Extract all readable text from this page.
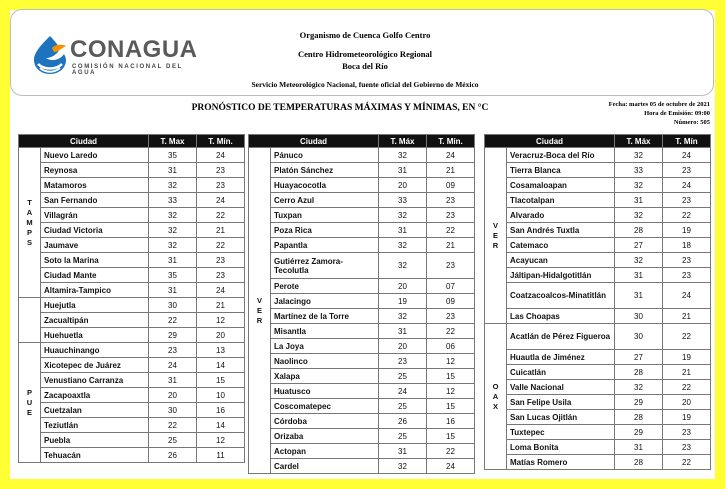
CONAGUA
COMISIÓN NACIONAL DEL AGUA
Organismo de Cuenca Golfo Centro
Centro Hidrometeorológico Regional
Boca del Río
Servicio Meteorológico Nacional, fuente oficial del Gobierno de México
PRONÓSTICO DE TEMPERATURAS MÁXIMAS Y MÍNIMAS, EN °C	Fecha: martes 05 de octubre de 2021
Hora de Emisión: 09:00
Número: 505
Ciudad		T. Max	T. Mín.
T
A
M
P
S	Nuevo Laredo	35	24
	Reynosa	31	23
	Matamoros	32	23
	San Fernando	33	24
	Villagrán	32	22
	Ciudad Victoria	32	21
	Jaumave	32	22
	Soto la Marina	31	23
	Ciudad Mante	35	23
	Altamira-Tampico	31	24
	Huejutla	30	21
	Zacualtipán	22	12
	Huehuetla	29	20
P
U
E	Huauchinango	23	13
	Xicotepec de Juárez	24	14
	Venustiano Carranza	31	15
	Zacapoaxtla	20	10
	Cuetzalan	30	16
	Teziutlán	22	14
	Puebla	25	12
	Tehuacán	26	11
Ciudad		T. Máx	T. Mín.
V
E
R	Pánuco	32	24
	Platón Sánchez	31	21
	Huayacocotla	20	09
	Cerro Azul	33	23
	Tuxpan	32	23
	Poza Rica	31	22
	Papantla	32	21
	Gutiérrez Zamora-Tecolutla	32	23
	Perote	20	07
	Jalacingo	19	09
	Martínez de la Torre	32	23
	Misantla	31	22
	La Joya	20	06
	Naolinco	23	12
	Xalapa	25	15
	Huatusco	24	12
	Coscomatepec	25	15
	Córdoba	26	16
	Orizaba	25	15
	Actopan	31	22
	Cardel	32	24
Ciudad		T. Máx	T. Mín
V
E
R	Veracruz-Boca del Río	32	24
	Tierra Blanca	33	23
	Cosamaloapan	32	24
	Tlacotalpan	31	23
	Alvarado	32	22
	San Andrés Tuxtla	28	19
	Catemaco	27	18
	Acayucan	32	23
	Jáltipan-Hidalgotitlán	31	23
	Coatzacoalcos-Minatitlán	31	24
	Las Choapas	30	21
O
A
X	Acatlán de Pérez Figueroa	30	22
	Huautla de Jiménez	27	19
	Cuicatlán	28	21
	Valle Nacional	32	22
	San Felipe Usila	29	20
	San Lucas Ojitlán	28	19
	Tuxtepec	29	23
	Loma Bonita	31	23
	Matías Romero	28	22
